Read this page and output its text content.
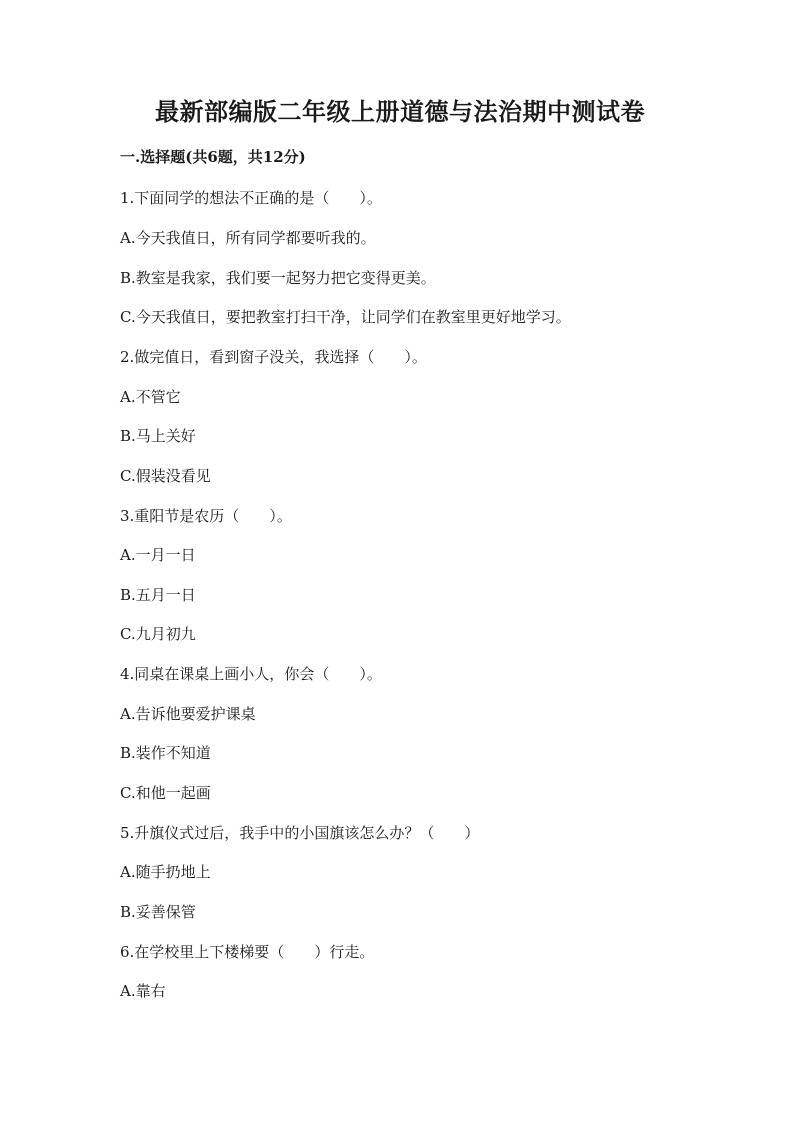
最新部编版二年级上册道德与法治期中测试卷
一.选择题(共6题，共12分)
1.下面同学的想法不正确的是（　　）。
A.今天我值日，所有同学都要听我的。
B.教室是我家，我们要一起努力把它变得更美。
C.今天我值日，要把教室打扫干净，让同学们在教室里更好地学习。
2.做完值日，看到窗子没关，我选择（　　）。
A.不管它
B.马上关好
C.假装没看见
3.重阳节是农历（　　）。
A.一月一日
B.五月一日
C.九月初九
4.同桌在课桌上画小人，你会（　　）。
A.告诉他要爱护课桌
B.装作不知道
C.和他一起画
5.升旗仪式过后，我手中的小国旗该怎么办？（　　）
A.随手扔地上
B.妥善保管
6.在学校里上下楼梯要（　　）行走。
A.靠右
